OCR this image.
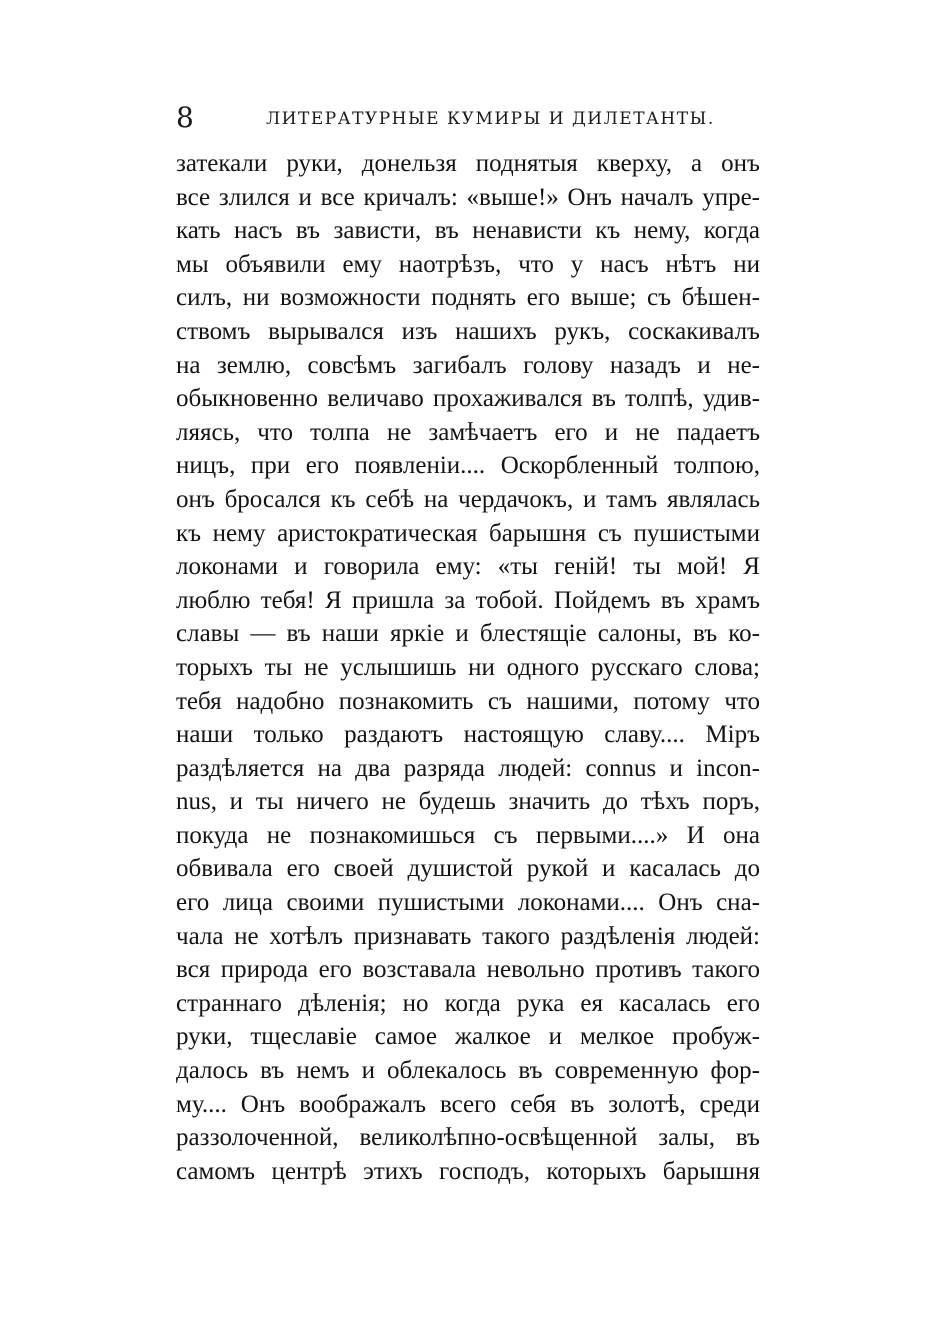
8	ЛИТЕРАТУРНЫЕ КУМИРЫ И ДИЛЕТАНТЫ.
затекали руки, донельзя поднятыя кверху, а онъ
все злился и все кричалъ: «выше!» Онъ началъ упре-
кать насъ въ зависти, въ ненависти къ нему, когда
мы объявили ему наотрѣзъ, что у насъ нѣтъ ни
силъ, ни возможности поднять его выше; съ бѣшен-
ствомъ вырывался изъ нашихъ рукъ, соскакивалъ
на землю, совсѣмъ загибалъ голову назадъ и не-
обыкновенно величаво прохаживался въ толпѣ, удив-
ляясь, что толпа не замѣчаетъ его и не падаетъ
ницъ, при его появленіи.... Оскорбленный толпою,
онъ бросался къ себѣ на чердачокъ, и тамъ являлась
къ нему аристократическая барышня съ пушистыми
локонами и говорила ему: «ты геній! ты мой! Я
люблю тебя! Я пришла за тобой. Пойдемъ въ храмъ
славы — въ наши яркіе и блестящіе салоны, въ ко-
торыхъ ты не услышишь ни одного русскаго слова;
тебя надобно познакомить съ нашими, потому что
наши только раздаютъ настоящую славу.... Міръ
раздѣляется на два разряда людей: connus и incon-
nus, и ты ничего не будешь значить до тѣхъ поръ,
покуда не познакомишься съ первыми....» И она
обвивала его своей душистой рукой и касалась до
его лица своими пушистыми локонами.... Онъ сна-
чала не хотѣлъ признавать такого раздѣленія людей:
вся природа его возставала невольно противъ такого
страннаго дѣленія; но когда рука ея касалась его
руки, тщеславіе самое жалкое и мелкое пробуж-
далось въ немъ и облекалось въ современную фор-
му.... Онъ воображалъ всего себя въ золотѣ, среди
раззолоченной, великолѣпно-освѣщенной залы, въ
самомъ центрѣ этихъ господъ, которыхъ барышня
